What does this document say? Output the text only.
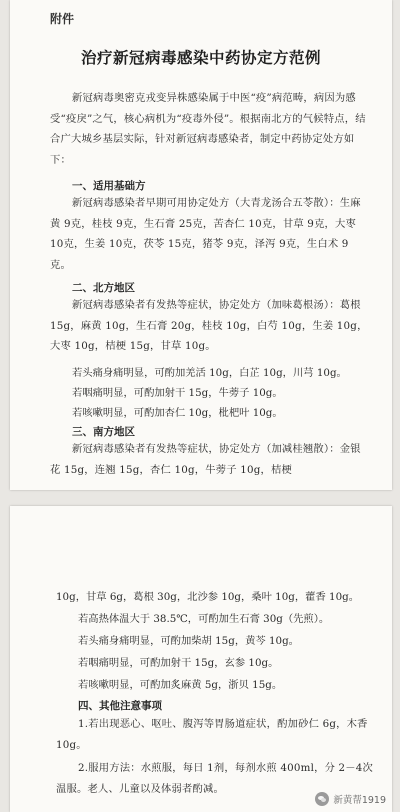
附件
治疗新冠病毒感染中药协定方范例
新冠病毒奥密克戎变异株感染属于中医“疫”病范畴，病因为感受“疫戾”之气，核心病机为“疫毒外侵”。根据南北方的气候特点，结合广大城乡基层实际，针对新冠病毒感染者，制定中药协定处方如下：
一、适用基础方
新冠病毒感染者早期可用协定处方（大青龙汤合五苓散）：生麻黄 9克，桂枝 9克，生石膏 25克，苦杏仁 10克，甘草 9克，大枣 10克，生姜 10克，茯苓 15克，猪苓 9克，泽泻 9克，生白术 9克。
二、北方地区
新冠病毒感染者有发热等症状，协定处方（加味葛根汤）：葛根 15g，麻黄 10g，生石膏 20g，桂枝 10g，白芍 10g，生姜 10g，大枣 10g，桔梗 15g，甘草 10g。
若头痛身痛明显，可酌加羌活 10g，白芷 10g，川芎 10g。
若咽痛明显，可酌加射干 15g，牛蒡子 10g。
若咳嗽明显，可酌加杏仁 10g，枇杷叶 10g。
三、南方地区
新冠病毒感染者有发热等症状，协定处方（加减桂翘散）：金银花 15g，连翘 15g，杏仁 10g，牛蒡子 10g，桔梗
10g，甘草 6g，葛根 30g，北沙参 10g，桑叶 10g，藿香 10g。
若高热体温大于 38.5℃，可酌加生石膏 30g（先煎）。
若头痛身痛明显，可酌加柴胡 15g，黄芩 10g。
若咽痛明显，可酌加射干 15g，玄参 10g。
若咳嗽明显，可酌加炙麻黄 5g，浙贝 15g。
四、其他注意事项
1.若出现恶心、呕吐、腹泻等胃肠道症状，酌加砂仁 6g，木香 10g。
2.服用方法：水煎服，每日 1剂，每剂水煎 400ml，分 2－4次温服。老人、儿童以及体弱者酌减。
新黄帮1919
